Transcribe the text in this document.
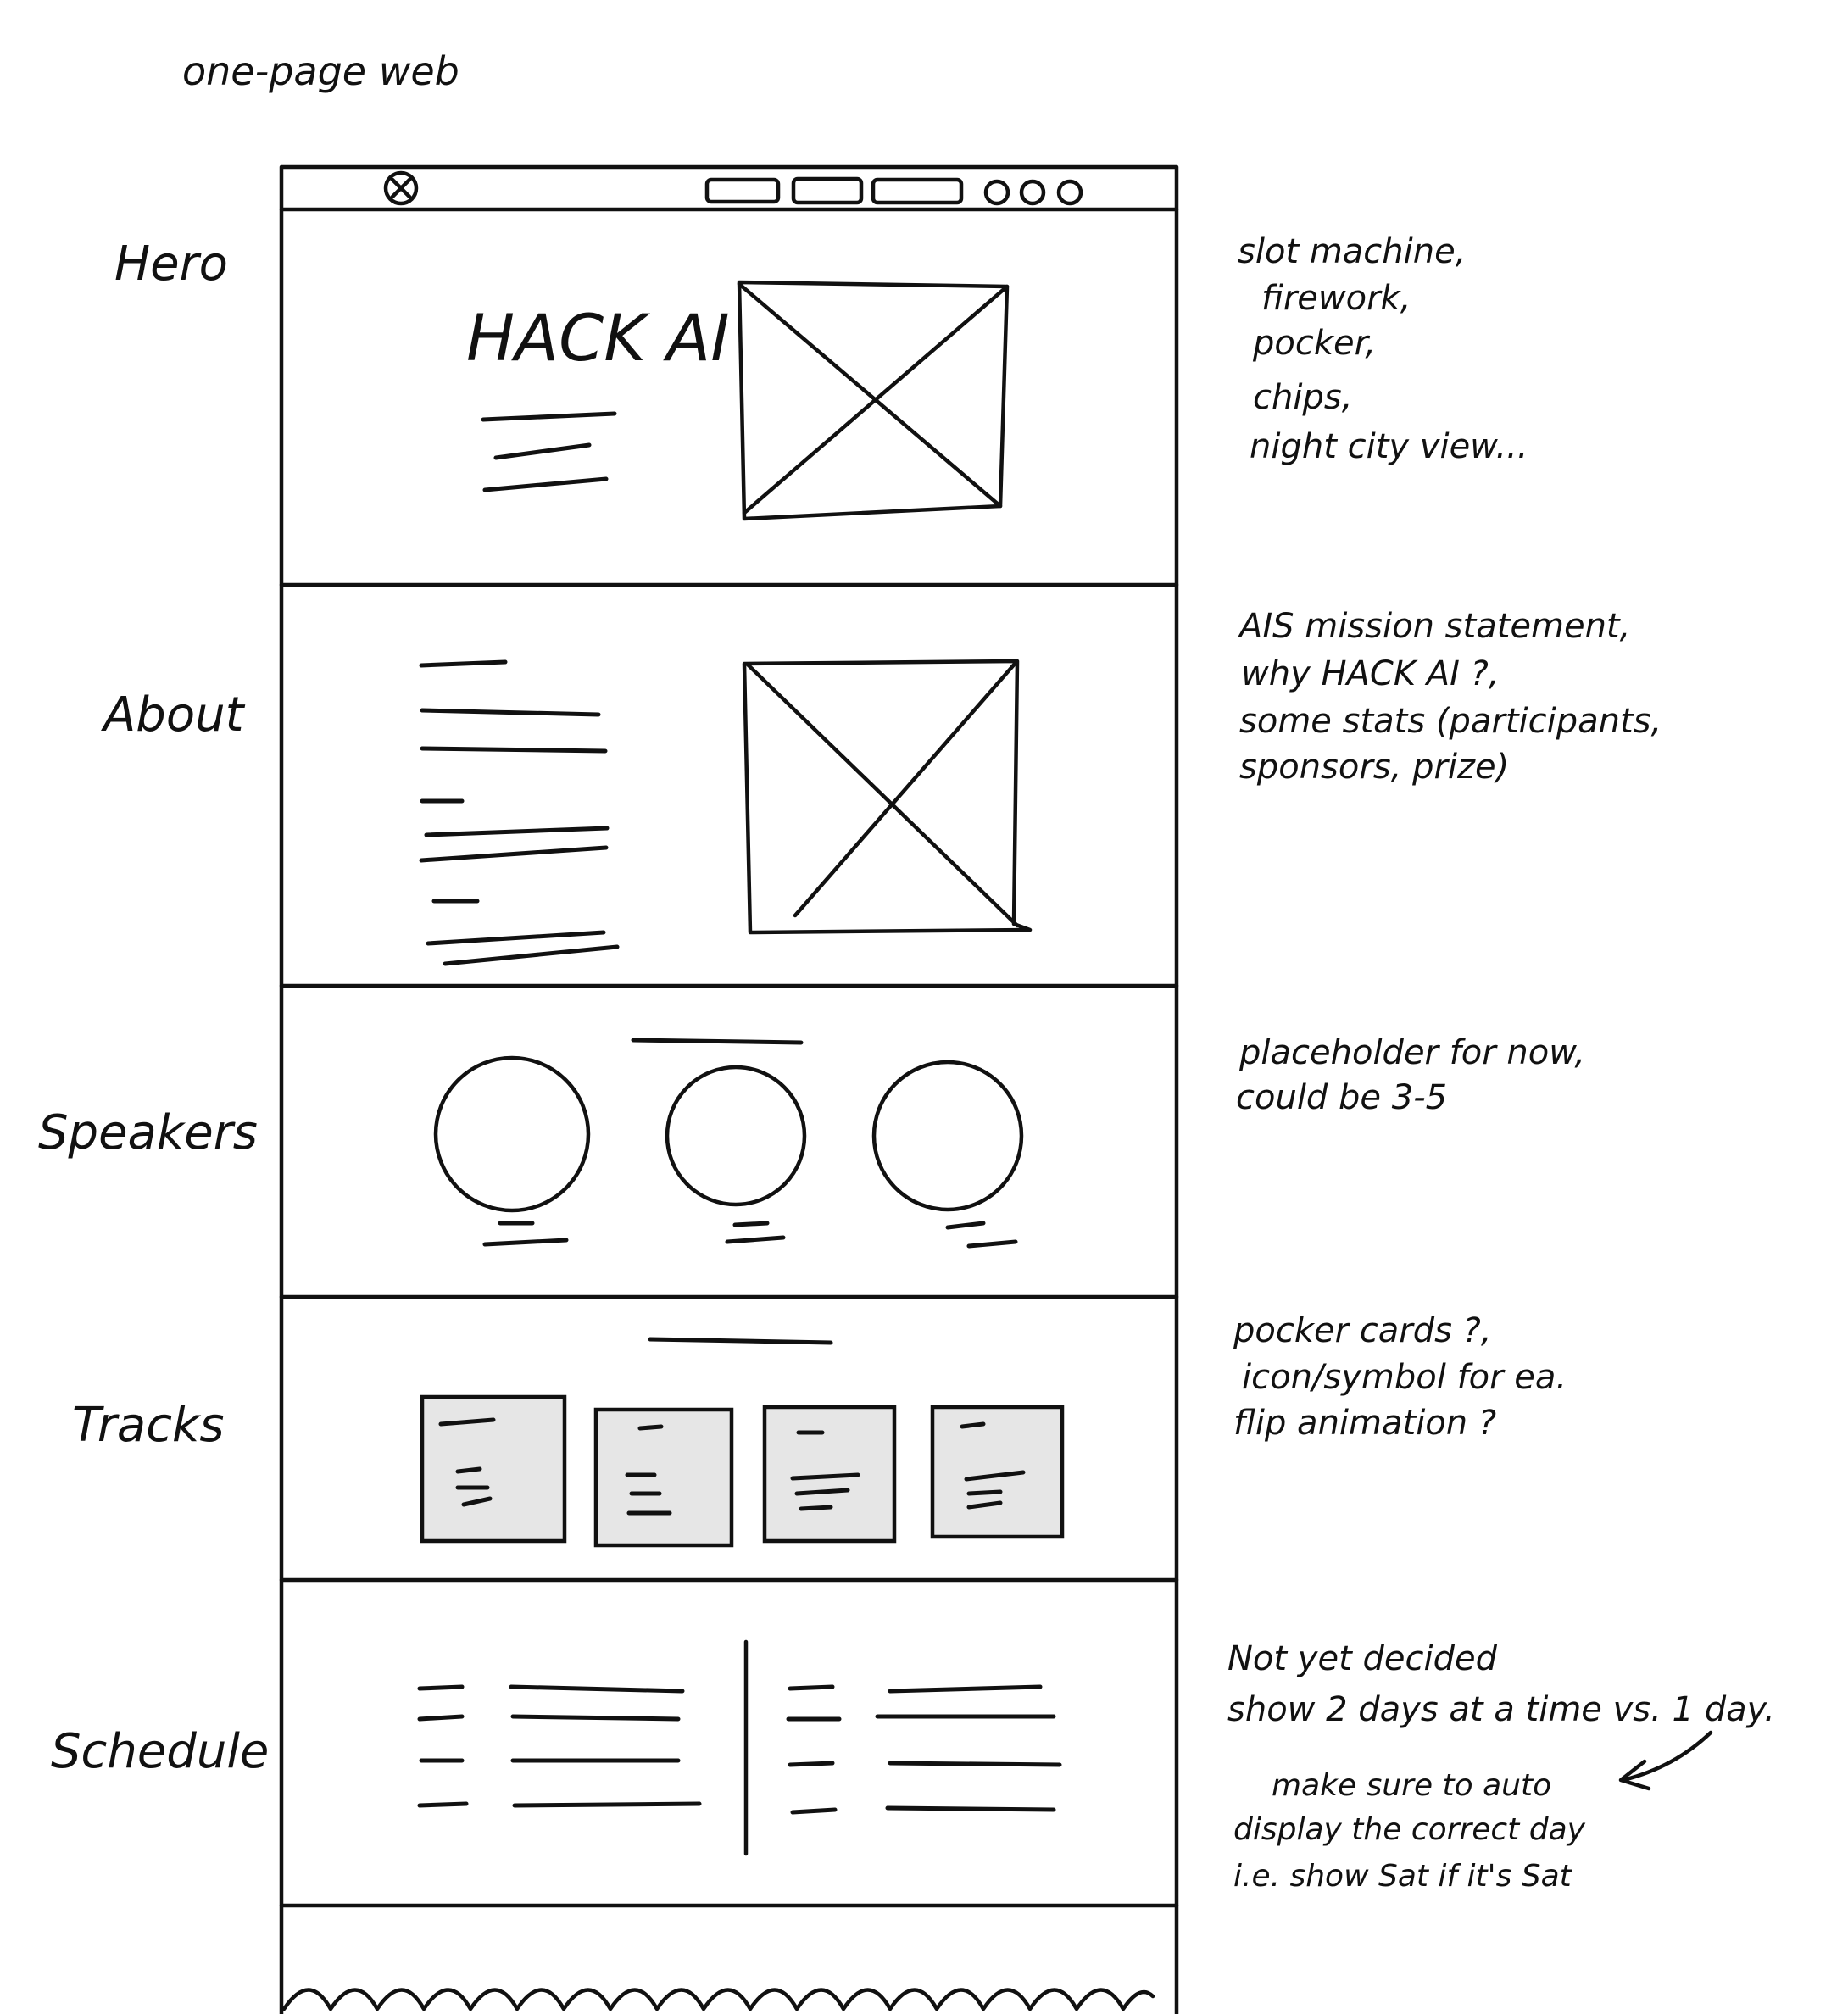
one-page web
Hero
HACK AI
slot machine,
firework,
pocker,
chips,
night city view...
About
AIS mission statement,
why HACK AI ?,
some stats (participants,
sponsors, prize)
Speakers
placeholder for now,
could be 3-5
Tracks
pocker cards ?,
icon/symbol for ea.
flip animation ?
Schedule
Not yet decided
show 2 days at a time vs. 1 day.
make sure to auto
display the correct day
i.e. show Sat if it's Sat
